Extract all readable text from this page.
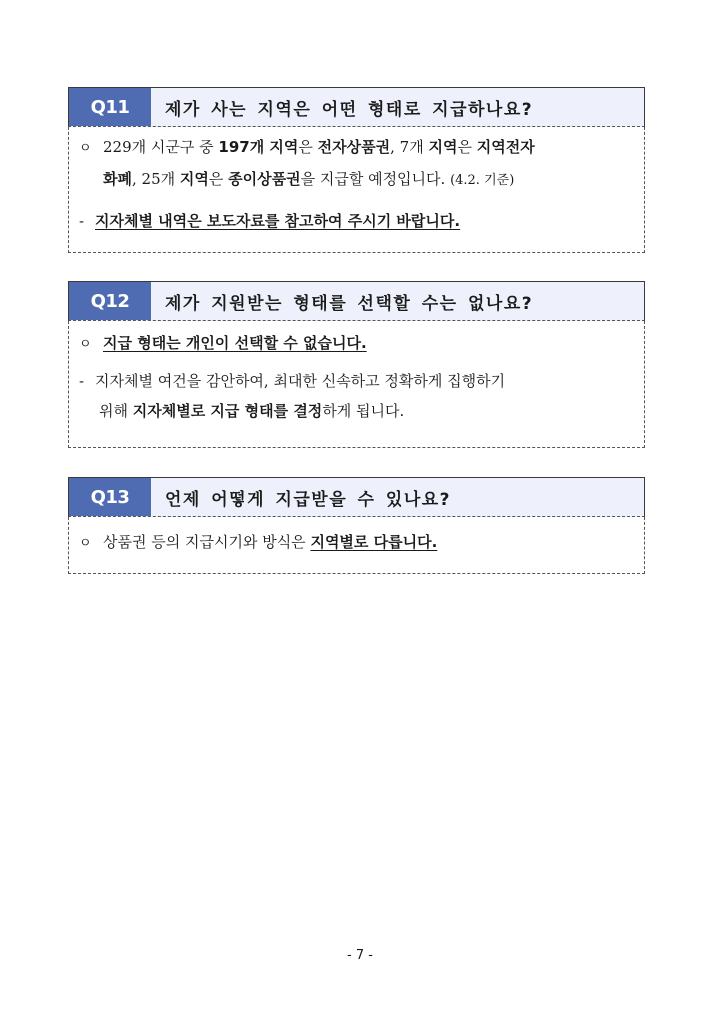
Q11	제가 사는 지역은 어떤 형태로 지급하나요?
ㅇ 229개 시군구 중 197개 지역은 전자상품권, 7개 지역은 지역전자
화폐, 25개 지역은 종이상품권을 지급할 예정입니다. (4.2. 기준)
- 지자체별 내역은 보도자료를 참고하여 주시기 바랍니다.
Q12	제가 지원받는 형태를 선택할 수는 없나요?
ㅇ 지급 형태는 개인이 선택할 수 없습니다.
- 지자체별 여건을 감안하여, 최대한 신속하고 정확하게 집행하기
위해 지자체별로 지급 형태를 결정하게 됩니다.
Q13	언제 어떻게 지급받을 수 있나요?
ㅇ 상품권 등의 지급시기와 방식은 지역별로 다릅니다.
- 7 -
